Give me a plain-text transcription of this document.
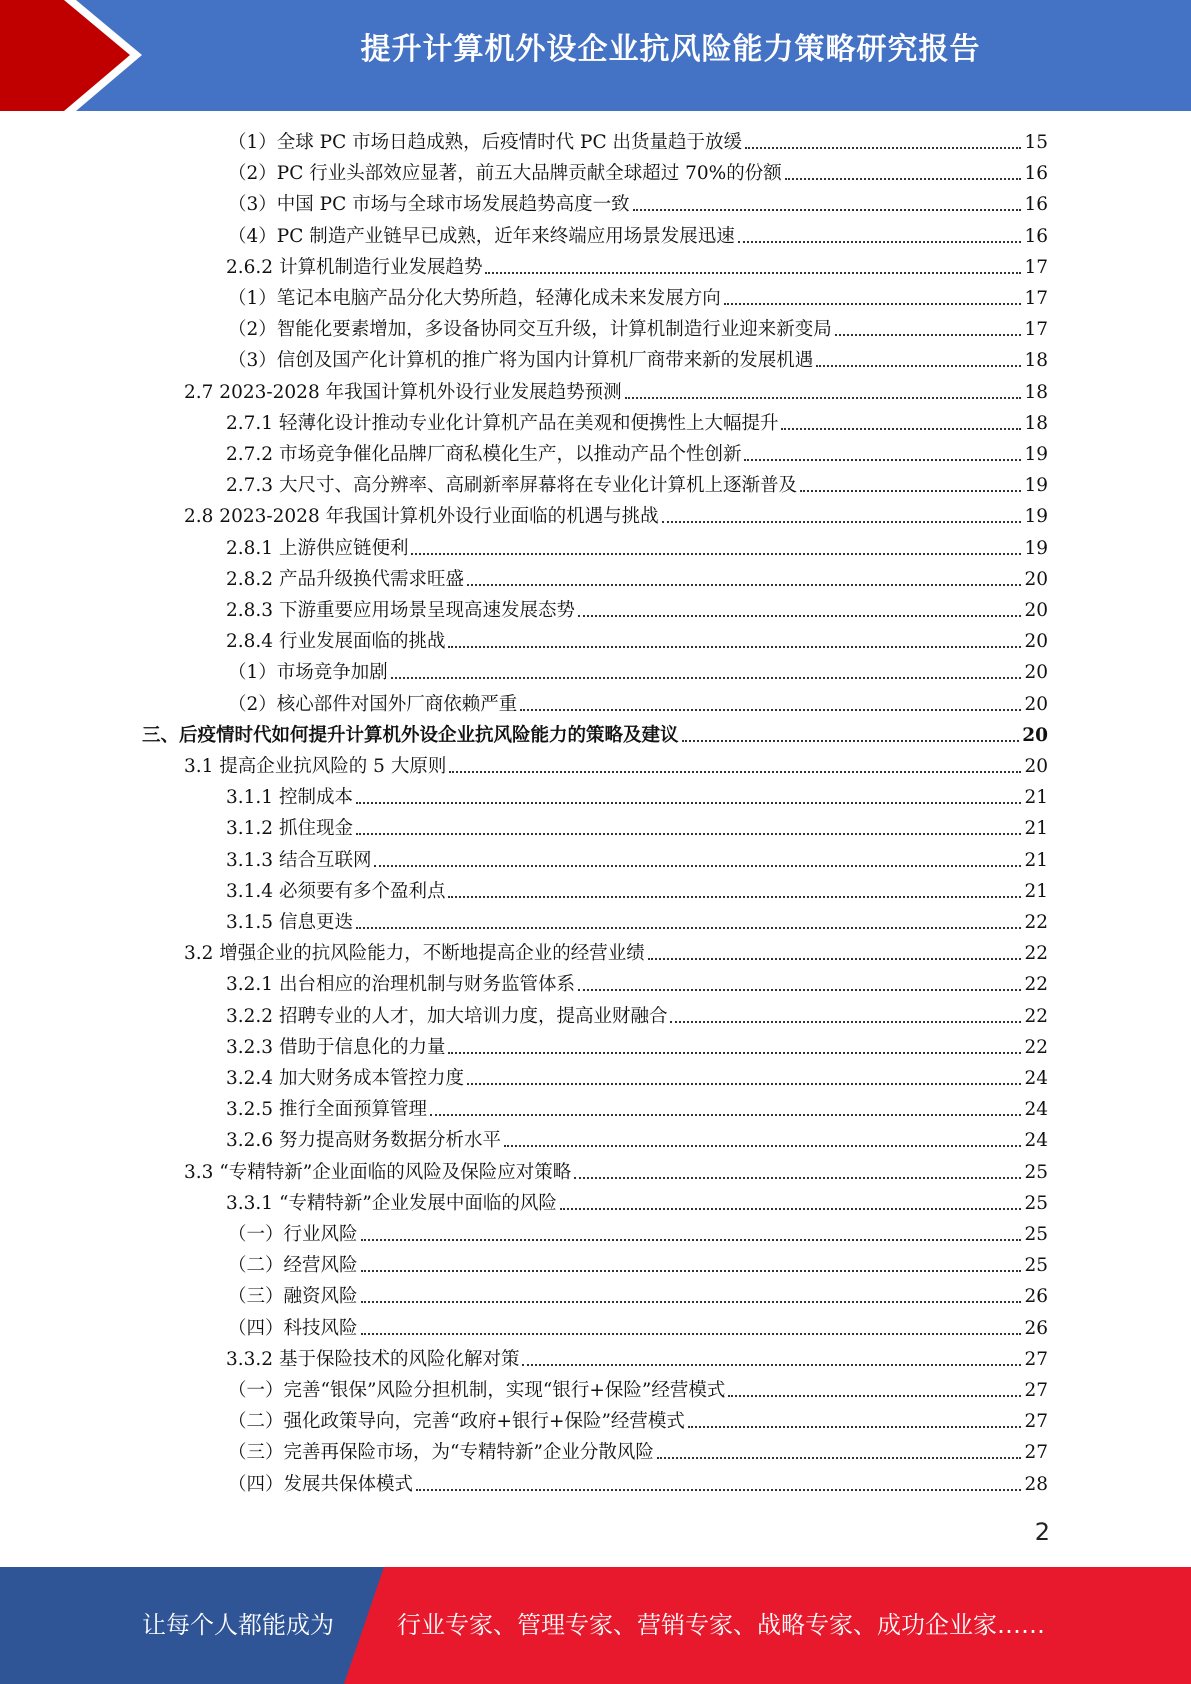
提升计算机外设企业抗风险能力策略研究报告
（1）全球 PC 市场日趋成熟，后疫情时代 PC 出货量趋于放缓	15
（2）PC 行业头部效应显著，前五大品牌贡献全球超过 70%的份额	16
（3）中国 PC 市场与全球市场发展趋势高度一致	16
（4）PC 制造产业链早已成熟，近年来终端应用场景发展迅速	16
2.6.2 计算机制造行业发展趋势	17
（1）笔记本电脑产品分化大势所趋，轻薄化成未来发展方向	17
（2）智能化要素增加，多设备协同交互升级，计算机制造行业迎来新变局	17
（3）信创及国产化计算机的推广将为国内计算机厂商带来新的发展机遇	18
2.7 2023-2028 年我国计算机外设行业发展趋势预测	18
2.7.1 轻薄化设计推动专业化计算机产品在美观和便携性上大幅提升	18
2.7.2 市场竞争催化品牌厂商私模化生产，以推动产品个性创新	19
2.7.3 大尺寸、高分辨率、高刷新率屏幕将在专业化计算机上逐渐普及	19
2.8 2023-2028 年我国计算机外设行业面临的机遇与挑战	19
2.8.1 上游供应链便利	19
2.8.2 产品升级换代需求旺盛	20
2.8.3 下游重要应用场景呈现高速发展态势	20
2.8.4 行业发展面临的挑战	20
（1）市场竞争加剧	20
（2）核心部件对国外厂商依赖严重	20
三、后疫情时代如何提升计算机外设企业抗风险能力的策略及建议	20
3.1 提高企业抗风险的 5 大原则	20
3.1.1 控制成本	21
3.1.2 抓住现金	21
3.1.3 结合互联网	21
3.1.4 必须要有多个盈利点	21
3.1.5 信息更迭	22
3.2 增强企业的抗风险能力，不断地提高企业的经营业绩	22
3.2.1 出台相应的治理机制与财务监管体系	22
3.2.2 招聘专业的人才，加大培训力度，提高业财融合	22
3.2.3 借助于信息化的力量	22
3.2.4 加大财务成本管控力度	24
3.2.5 推行全面预算管理	24
3.2.6 努力提高财务数据分析水平	24
3.3 “专精特新”企业面临的风险及保险应对策略	25
3.3.1 “专精特新”企业发展中面临的风险	25
（一）行业风险	25
（二）经营风险	25
（三）融资风险	26
（四）科技风险	26
3.3.2 基于保险技术的风险化解对策	27
（一）完善“银保”风险分担机制，实现“银行+保险”经营模式	27
（二）强化政策导向，完善“政府+银行+保险”经营模式	27
（三）完善再保险市场，为“专精特新”企业分散风险	27
（四）发展共保体模式	28
2
让每个人都能成为	行业专家、管理专家、营销专家、战略专家、成功企业家……
